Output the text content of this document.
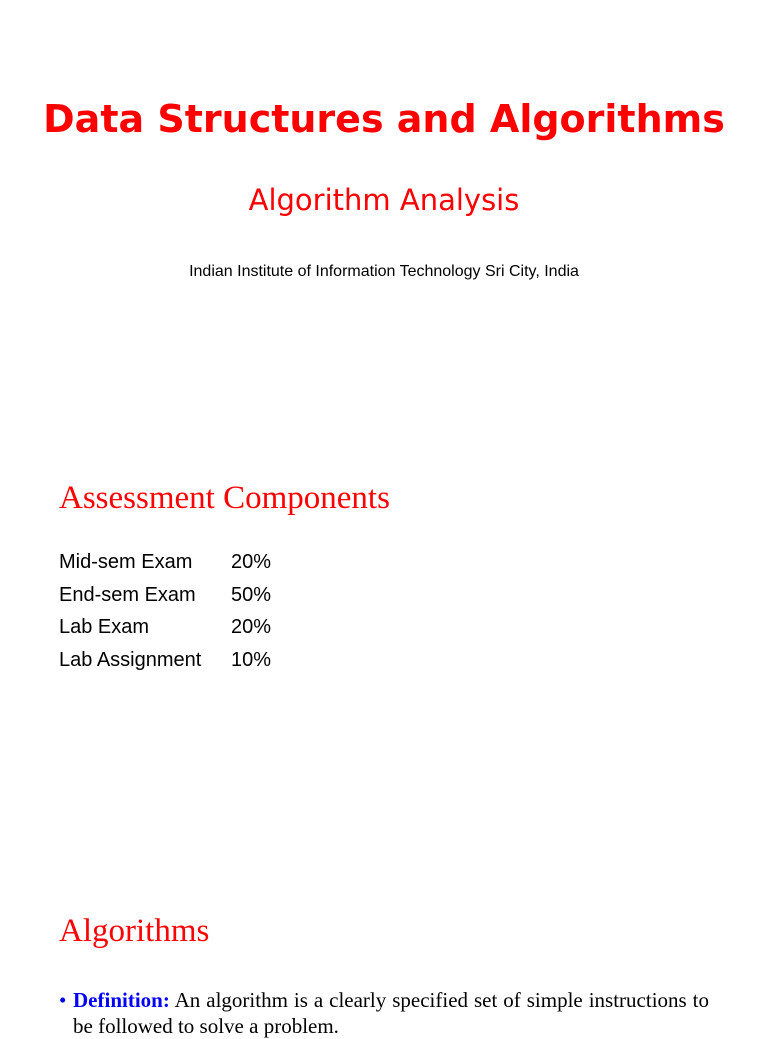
Data Structures and Algorithms
Algorithm Analysis
Indian Institute of Information Technology Sri City, India
Assessment Components
Mid-sem Exam	20%
End-sem Exam	50%
Lab Exam	20%
Lab Assignment	10%
Algorithms
• Definition: An algorithm is a clearly specified set of simple instructions to be followed to solve a problem.
